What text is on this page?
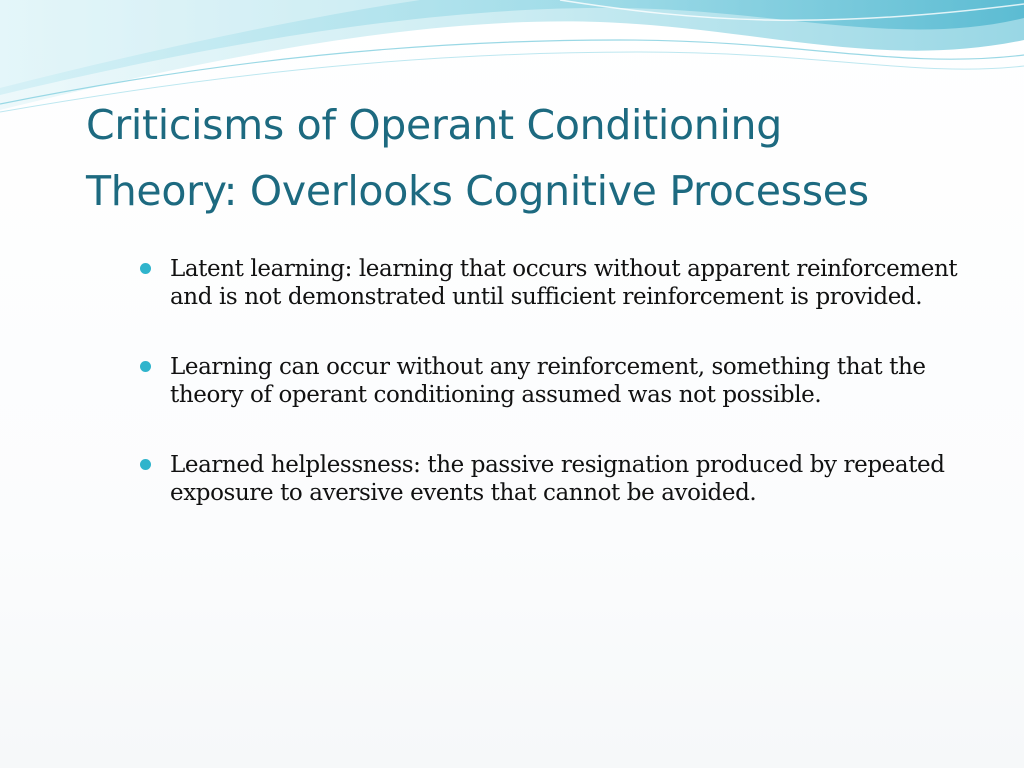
Criticisms of Operant Conditioning
Theory: Overlooks Cognitive Processes
Latent learning: learning that occurs without apparent reinforcement and is not demonstrated until sufficient reinforcement is provided.
Learning can occur without any reinforcement, something that the theory of operant conditioning assumed was not possible.
Learned helplessness: the passive resignation produced by repeated exposure to aversive events that cannot be avoided.
